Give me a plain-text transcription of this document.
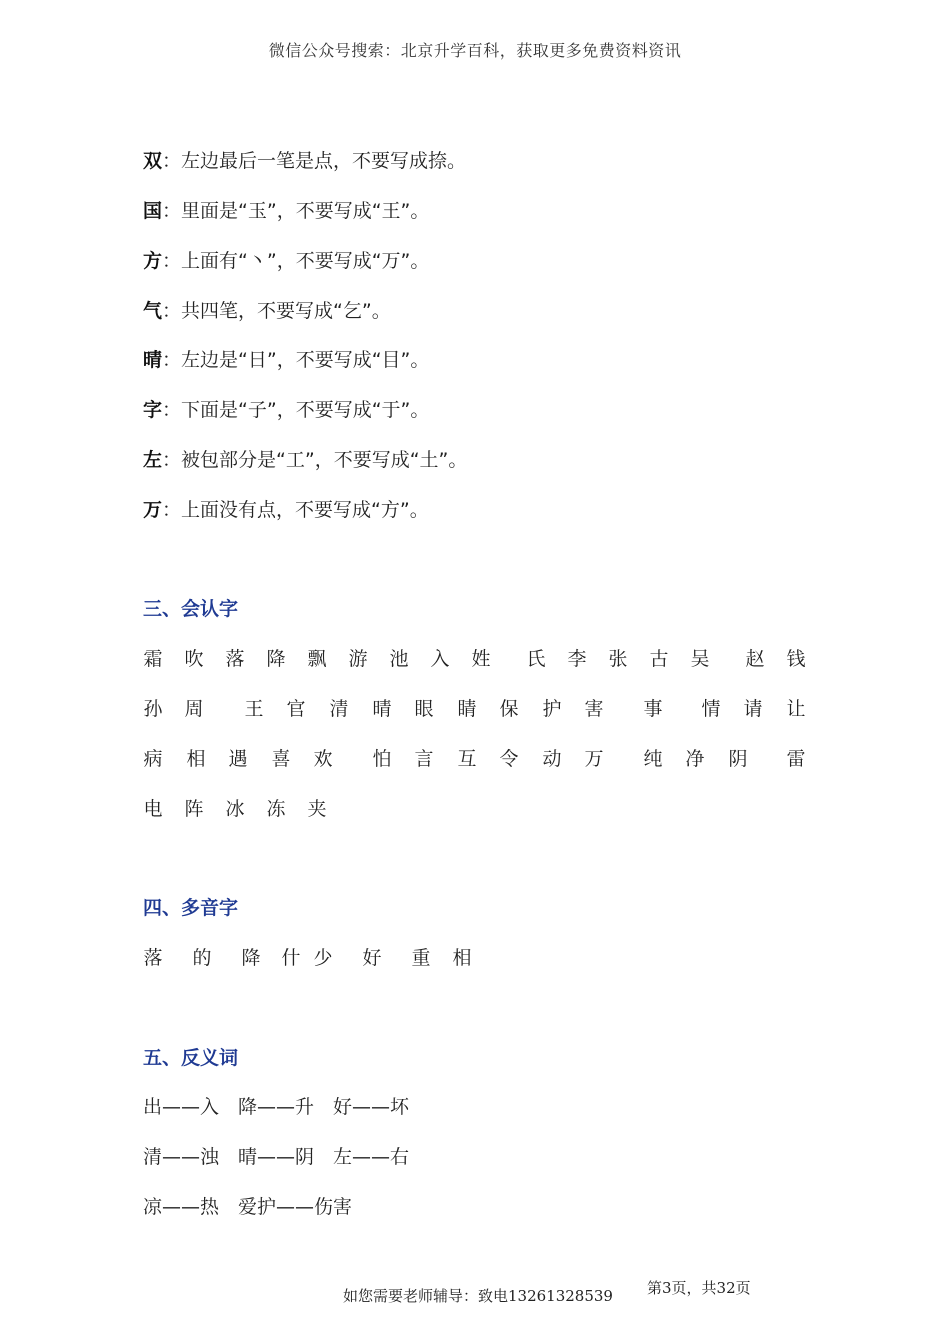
微信公众号搜索：北京升学百科，获取更多免费资料资讯
双：左边最后一笔是点，不要写成捺。
国：里面是“玉”，不要写成“王”。
方：上面有“丶”，不要写成“万”。
气：共四笔，不要写成“乞”。
晴：左边是“日”，不要写成“目”。
字：下面是“子”，不要写成“于”。
左：被包部分是“工”，不要写成“土”。
万：上面没有点，不要写成“方”。
三、会认字
霜 吹 落 降 飘 游 池 入 姓 氏 李 张 古 吴 赵 钱
孙 周 王 官 清 晴 眼 睛 保 护 害 事 情 请 让
病 相 遇 喜 欢 怕 言 互 令 动 万 纯 净 阴 雷
电 阵 冰 冻 夹
四、多音字
落 的 降 什 少 好 重 相
五、反义词
出——入　降——升　好——坏
清——浊　晴——阴　左——右
凉——热　爱护——伤害
如您需要老师辅导：致电13261328539 第3页，共32页
